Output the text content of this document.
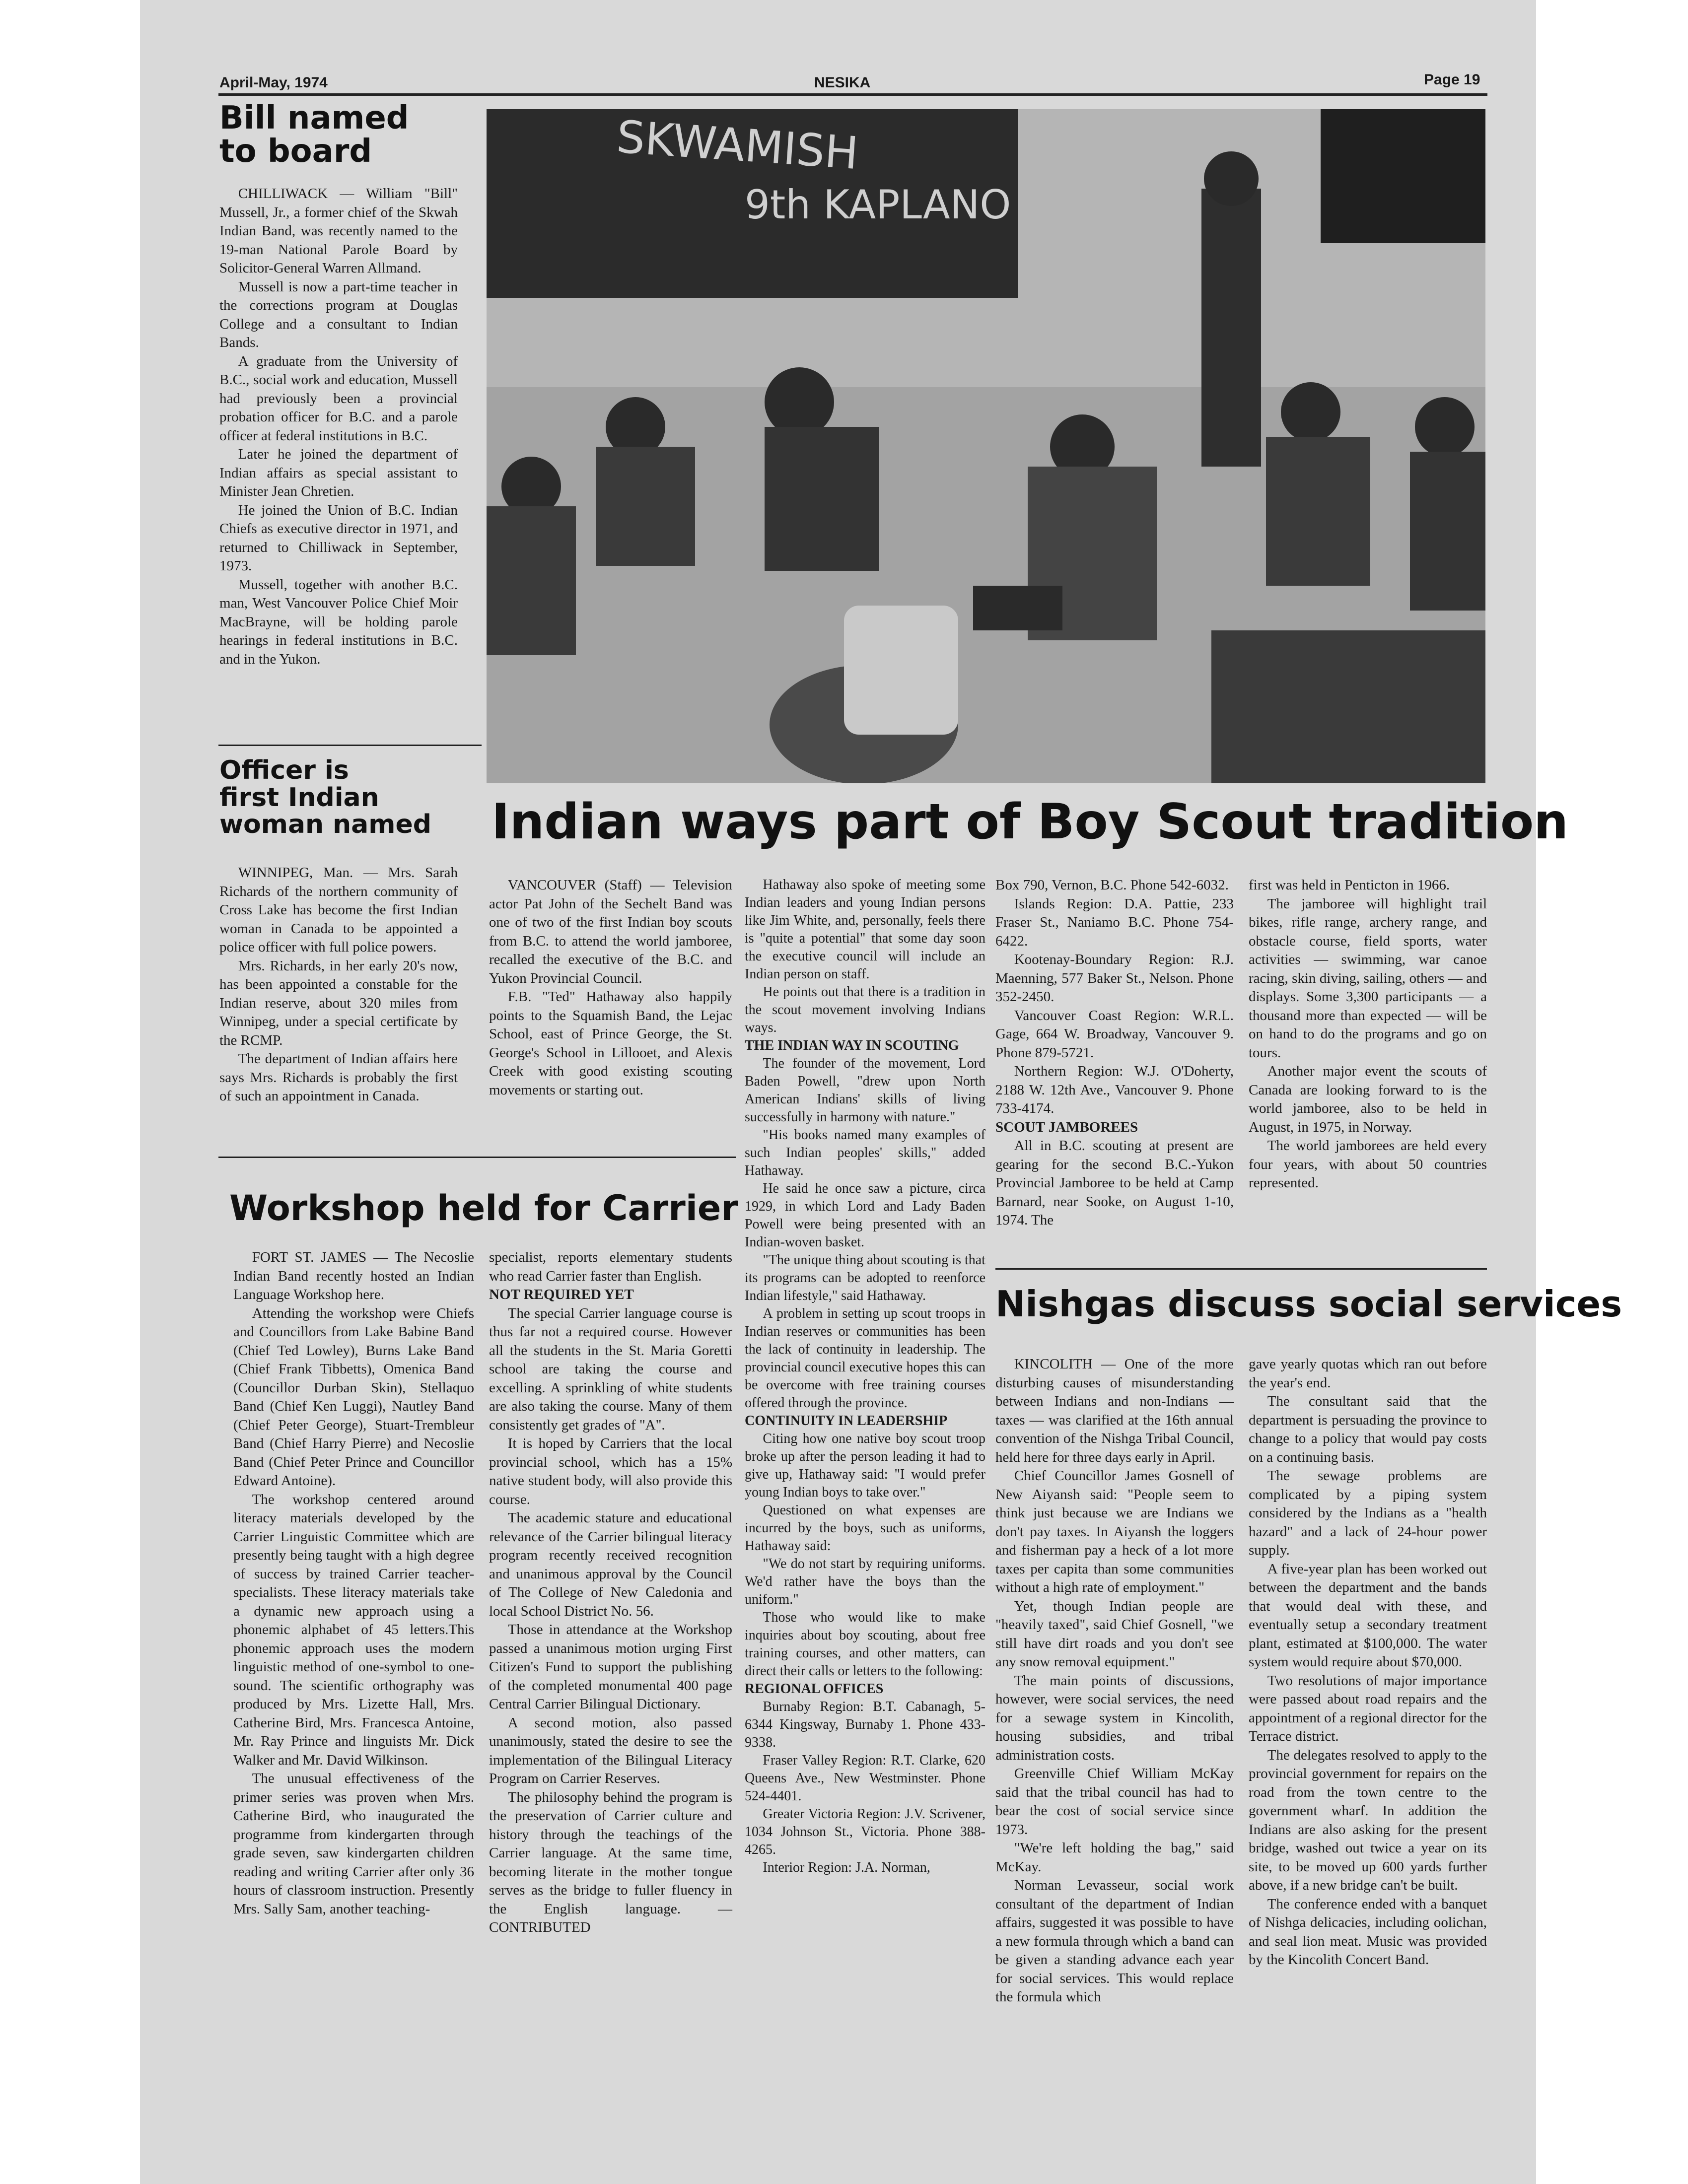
April-May, 1974	NESIKA	Page 19
SKWAMISH
9th KAPLANO
Bill named
to board

CHILLIWACK — William "Bill" Mussell, Jr., a former chief of the Skwah Indian Band, was recently named to the 19-man National Parole Board by Solicitor-General Warren Allmand.

Mussell is now a part-time teacher in the corrections program at Douglas College and a consultant to Indian Bands.

A graduate from the University of B.C., social work and education, Mussell had previously been a provincial probation officer for B.C. and a parole officer at federal institutions in B.C.

Later he joined the department of Indian affairs as special assistant to Minister Jean Chretien.

He joined the Union of B.C. Indian Chiefs as executive director in 1971, and returned to Chilliwack in September, 1973.

Mussell, together with another B.C. man, West Vancouver Police Chief Moir MacBrayne, will be holding parole hearings in federal institutions in B.C. and in the Yukon.

Officer is
first Indian
woman named

WINNIPEG, Man. — Mrs. Sarah Richards of the northern community of Cross Lake has become the first Indian woman in Canada to be appointed a police officer with full police powers.

Mrs. Richards, in her early 20's now, has been appointed a constable for the Indian reserve, about 320 miles from Winnipeg, under a special certificate by the RCMP.

The department of Indian affairs here says Mrs. Richards is probably the first of such an appointment in Canada.

Indian ways part of Boy Scout tradition

VANCOUVER (Staff) — Television actor Pat John of the Sechelt Band was one of two of the first Indian boy scouts from B.C. to attend the world jamboree, recalled the executive of the B.C. and Yukon Provincial Council.

F.B. "Ted" Hathaway also happily points to the Squamish Band, the Lejac School, east of Prince George, the St. George's School in Lillooet, and Alexis Creek with good existing scouting movements or starting out.

Hathaway also spoke of meeting some Indian leaders and young Indian persons like Jim White, and, personally, feels there is "quite a potential" that some day soon the executive council will include an Indian person on staff.

He points out that there is a tradition in the scout movement involving Indians ways.

THE INDIAN WAY IN SCOUTING

The founder of the movement, Lord Baden Powell, "drew upon North American Indians' skills of living successfully in harmony with nature."

"His books named many examples of such Indian peoples' skills," added Hathaway.

He said he once saw a picture, circa 1929, in which Lord and Lady Baden Powell were being presented with an Indian-woven basket.

"The unique thing about scouting is that its programs can be adopted to reenforce Indian lifestyle," said Hathaway.

A problem in setting up scout troops in Indian reserves or communities has been the lack of continuity in leadership. The provincial council executive hopes this can be overcome with free training courses offered through the province.

CONTINUITY IN LEADERSHIP

Citing how one native boy scout troop broke up after the person leading it had to give up, Hathaway said: "I would prefer young Indian boys to take over."

Questioned on what expenses are incurred by the boys, such as uniforms, Hathaway said:

"We do not start by requiring uniforms. We'd rather have the boys than the uniform."

Those who would like to make inquiries about boy scouting, about free training courses, and other matters, can direct their calls or letters to the following:

REGIONAL OFFICES

Burnaby Region: B.T. Cabanagh, 5-6344 Kingsway, Burnaby 1. Phone 433-9338.

Fraser Valley Region: R.T. Clarke, 620 Queens Ave., New Westminster. Phone 524-4401.

Greater Victoria Region: J.V. Scrivener, 1034 Johnson St., Victoria. Phone 388-4265.

Interior Region: J.A. Norman,

Box 790, Vernon, B.C. Phone 542-6032.

Islands Region: D.A. Pattie, 233 Fraser St., Naniamo B.C. Phone 754-6422.

Kootenay-Boundary Region: R.J. Maenning, 577 Baker St., Nelson. Phone 352-2450.

Vancouver Coast Region: W.R.L. Gage, 664 W. Broadway, Vancouver 9. Phone 879-5721.

Northern Region: W.J. O'Doherty, 2188 W. 12th Ave., Vancouver 9. Phone 733-4174.

SCOUT JAMBOREES

All in B.C. scouting at present are gearing for the second B.C.-Yukon Provincial Jamboree to be held at Camp Barnard, near Sooke, on August 1-10, 1974. The

first was held in Penticton in 1966.

The jamboree will highlight trail bikes, rifle range, archery range, and obstacle course, field sports, water activities — swimming, war canoe racing, skin diving, sailing, others — and displays. Some 3,300 participants — a thousand more than expected — will be on hand to do the programs and go on tours.

Another major event the scouts of Canada are looking forward to is the world jamboree, also to be held in August, in 1975, in Norway.

The world jamborees are held every four years, with about 50 countries represented.

Workshop held for Carrier

FORT ST. JAMES — The Necoslie Indian Band recently hosted an Indian Language Workshop here.

Attending the workshop were Chiefs and Councillors from Lake Babine Band (Chief Ted Lowley), Burns Lake Band (Chief Frank Tibbetts), Omenica Band (Councillor Durban Skin), Stellaquo Band (Chief Ken Luggi), Nautley Band (Chief Peter George), Stuart-Trembleur Band (Chief Harry Pierre) and Necoslie Band (Chief Peter Prince and Councillor Edward Antoine).

The workshop centered around literacy materials developed by the Carrier Linguistic Committee which are presently being taught with a high degree of success by trained Carrier teacher-specialists. These literacy materials take a dynamic new approach using a phonemic alphabet of 45 letters.This phonemic approach uses the modern linguistic method of one-symbol to one-sound. The scientific orthography was produced by Mrs. Lizette Hall, Mrs. Catherine Bird, Mrs. Francesca Antoine, Mr. Ray Prince and linguists Mr. Dick Walker and Mr. David Wilkinson.

The unusual effectiveness of the primer series was proven when Mrs. Catherine Bird, who inaugurated the programme from kindergarten through grade seven, saw kindergarten children reading and writing Carrier after only 36 hours of classroom instruction. Presently Mrs. Sally Sam, another teaching-

specialist, reports elementary students who read Carrier faster than English.

NOT REQUIRED YET

The special Carrier language course is thus far not a required course. However all the students in the St. Maria Goretti school are taking the course and excelling. A sprinkling of white students are also taking the course. Many of them consistently get grades of "A".

It is hoped by Carriers that the local provincial school, which has a 15% native student body, will also provide this course.

The academic stature and educational relevance of the Carrier bilingual literacy program recently received recognition and unanimous approval by the Council of The College of New Caledonia and local School District No. 56.

Those in attendance at the Workshop passed a unanimous motion urging First Citizen's Fund to support the publishing of the completed monumental 400 page Central Carrier Bilingual Dictionary.

A second motion, also passed unanimously, stated the desire to see the implementation of the Bilingual Literacy Program on Carrier Reserves.

The philosophy behind the program is the preservation of Carrier culture and history through the teachings of the Carrier language. At the same time, becoming literate in the mother tongue serves as the bridge to fuller fluency in the English language. — CONTRIBUTED

Nishgas discuss social services

KINCOLITH — One of the more disturbing causes of misunderstanding between Indians and non-Indians — taxes — was clarified at the 16th annual convention of the Nishga Tribal Council, held here for three days early in April.

Chief Councillor James Gosnell of New Aiyansh said: "People seem to think just because we are Indians we don't pay taxes. In Aiyansh the loggers and fisherman pay a heck of a lot more taxes per capita than some communities without a high rate of employment."

Yet, though Indian people are "heavily taxed", said Chief Gosnell, "we still have dirt roads and you don't see any snow removal equipment."

The main points of discussions, however, were social services, the need for a sewage system in Kincolith, housing subsidies, and tribal administration costs.

Greenville Chief William McKay said that the tribal council has had to bear the cost of social service since 1973.

"We're left holding the bag," said McKay.

Norman Levasseur, social work consultant of the department of Indian affairs, suggested it was possible to have a new formula through which a band can be given a standing advance each year for social services. This would replace the formula which

gave yearly quotas which ran out before the year's end.

The consultant said that the department is persuading the province to change to a policy that would pay costs on a continuing basis.

The sewage problems are complicated by a piping system considered by the Indians as a "health hazard" and a lack of 24-hour power supply.

A five-year plan has been worked out between the department and the bands that would deal with these, and eventually setup a secondary treatment plant, estimated at $100,000. The water system would require about $70,000.

Two resolutions of major importance were passed about road repairs and the appointment of a regional director for the Terrace district.

The delegates resolved to apply to the provincial government for repairs on the road from the town centre to the government wharf. In addition the Indians are also asking for the present bridge, washed out twice a year on its site, to be moved up 600 yards further above, if a new bridge can't be built.

The conference ended with a banquet of Nishga delicacies, including oolichan, and seal lion meat. Music was provided by the Kincolith Concert Band.
